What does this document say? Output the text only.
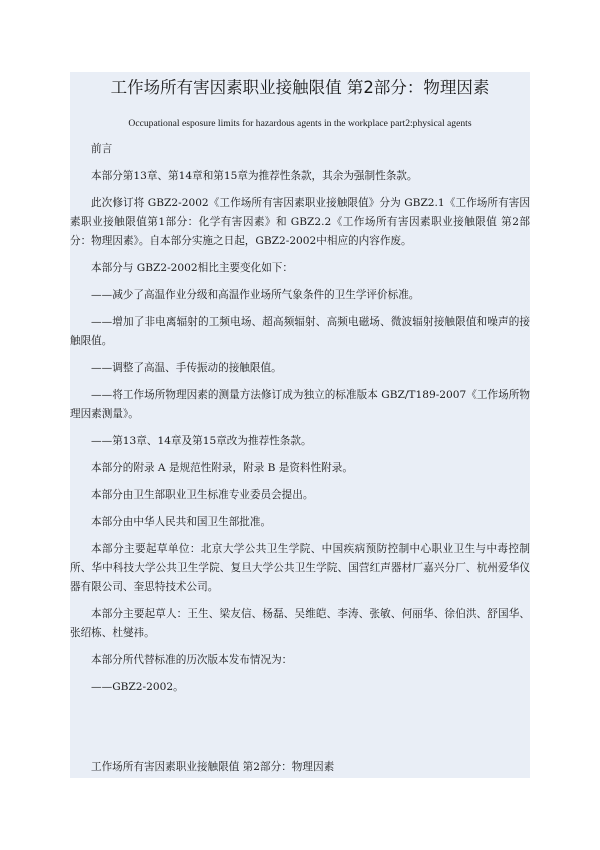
工作场所有害因素职业接触限值 第2部分：物理因素
Occupational esposure limits for hazardous agents in the workplace part2:physical agents

前言

本部分第13章、第14章和第15章为推荐性条款，其余为强制性条款。

此次修订将 GBZ2-2002《工作场所有害因素职业接触限值》分为 GBZ2.1《工作场所有害因素职业接触限值第1部分：化学有害因素》和 GBZ2.2《工作场所有害因素职业接触限值 第2部分：物理因素》。自本部分实施之日起，GBZ2-2002中相应的内容作废。

本部分与 GBZ2-2002相比主要变化如下：

——减少了高温作业分级和高温作业场所气象条件的卫生学评价标准。

——增加了非电离辐射的工频电场、超高频辐射、高频电磁场、微波辐射接触限值和噪声的接触限值。

——调整了高温、手传振动的接触限值。

——将工作场所物理因素的测量方法修订成为独立的标准版本 GBZ/T189-2007《工作场所物理因素测量》。

——第13章、14章及第15章改为推荐性条款。

本部分的附录 A 是规范性附录，附录 B 是资料性附录。

本部分由卫生部职业卫生标准专业委员会提出。

本部分由中华人民共和国卫生部批准。

本部分主要起草单位：北京大学公共卫生学院、中国疾病预防控制中心职业卫生与中毒控制所、华中科技大学公共卫生学院、复旦大学公共卫生学院、国营红声器材厂嘉兴分厂、杭州爱华仪器有限公司、奎思特技术公司。

本部分主要起草人：王生、梁友信、杨磊、吴维皑、李涛、张敏、何丽华、徐伯洪、舒国华、张绍栋、杜燮祎。

本部分所代替标准的历次版本发布情况为：

——GBZ2-2002。

工作场所有害因素职业接触限值 第2部分：物理因素
